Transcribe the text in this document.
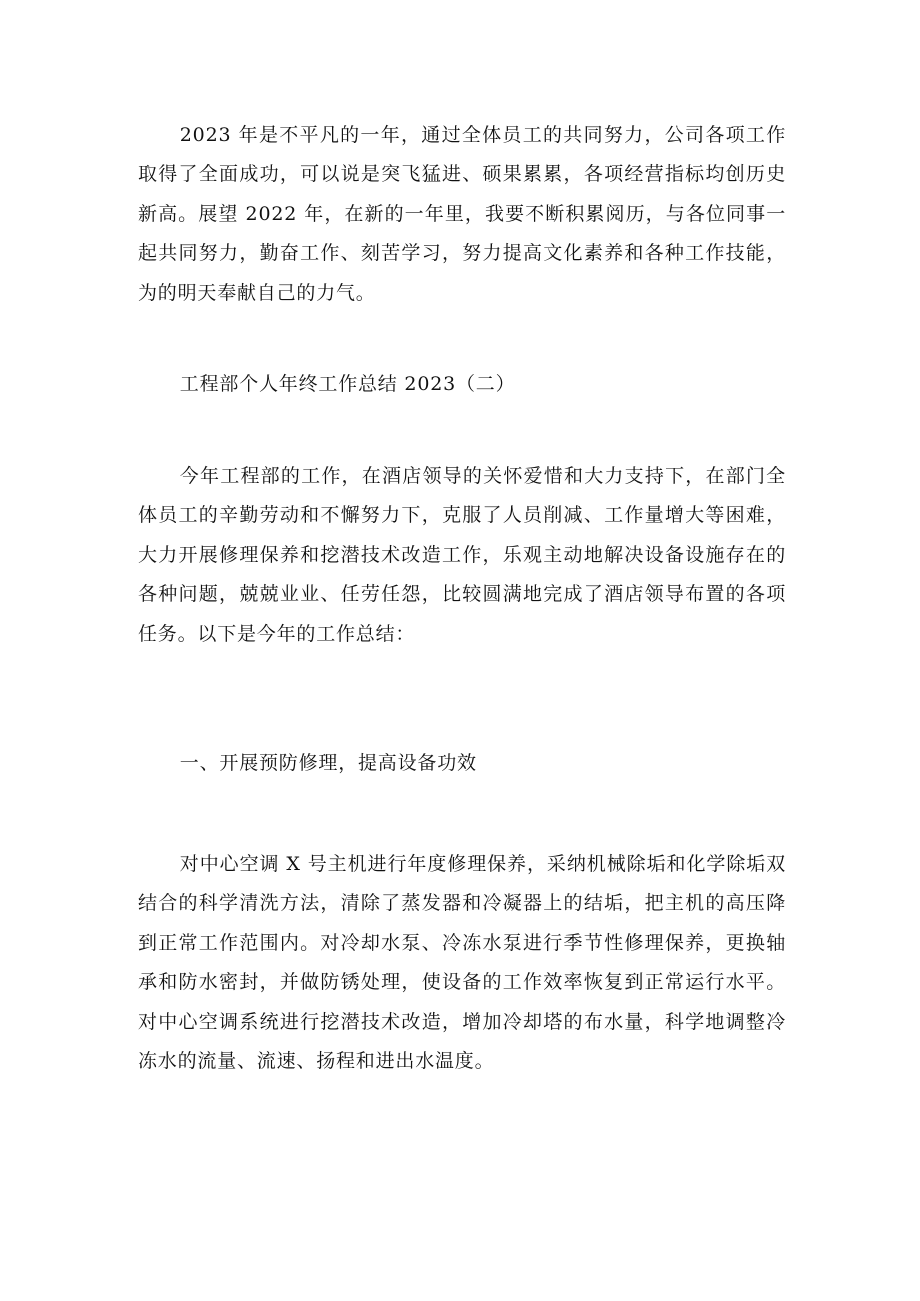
2023 年是不平凡的一年，通过全体员工的共同努力，公司各项工作取得了全面成功，可以说是突飞猛进、硕果累累，各项经营指标均创历史新高。展望 2022 年，在新的一年里，我要不断积累阅历，与各位同事一起共同努力，勤奋工作、刻苦学习，努力提高文化素养和各种工作技能，为的明天奉献自己的力气。

工程部个人年终工作总结 2023（二）

今年工程部的工作，在酒店领导的关怀爱惜和大力支持下，在部门全体员工的辛勤劳动和不懈努力下，克服了人员削减、工作量增大等困难，大力开展修理保养和挖潜技术改造工作，乐观主动地解决设备设施存在的各种问题，兢兢业业、任劳任怨，比较圆满地完成了酒店领导布置的各项任务。以下是今年的工作总结：

一、开展预防修理，提高设备功效

对中心空调 X 号主机进行年度修理保养，采纳机械除垢和化学除垢双结合的科学清洗方法，清除了蒸发器和冷凝器上的结垢，把主机的高压降到正常工作范围内。对冷却水泵、冷冻水泵进行季节性修理保养，更换轴承和防水密封，并做防锈处理，使设备的工作效率恢复到正常运行水平。对中心空调系统进行挖潜技术改造，增加冷却塔的布水量，科学地调整冷冻水的流量、流速、扬程和进出水温度。
